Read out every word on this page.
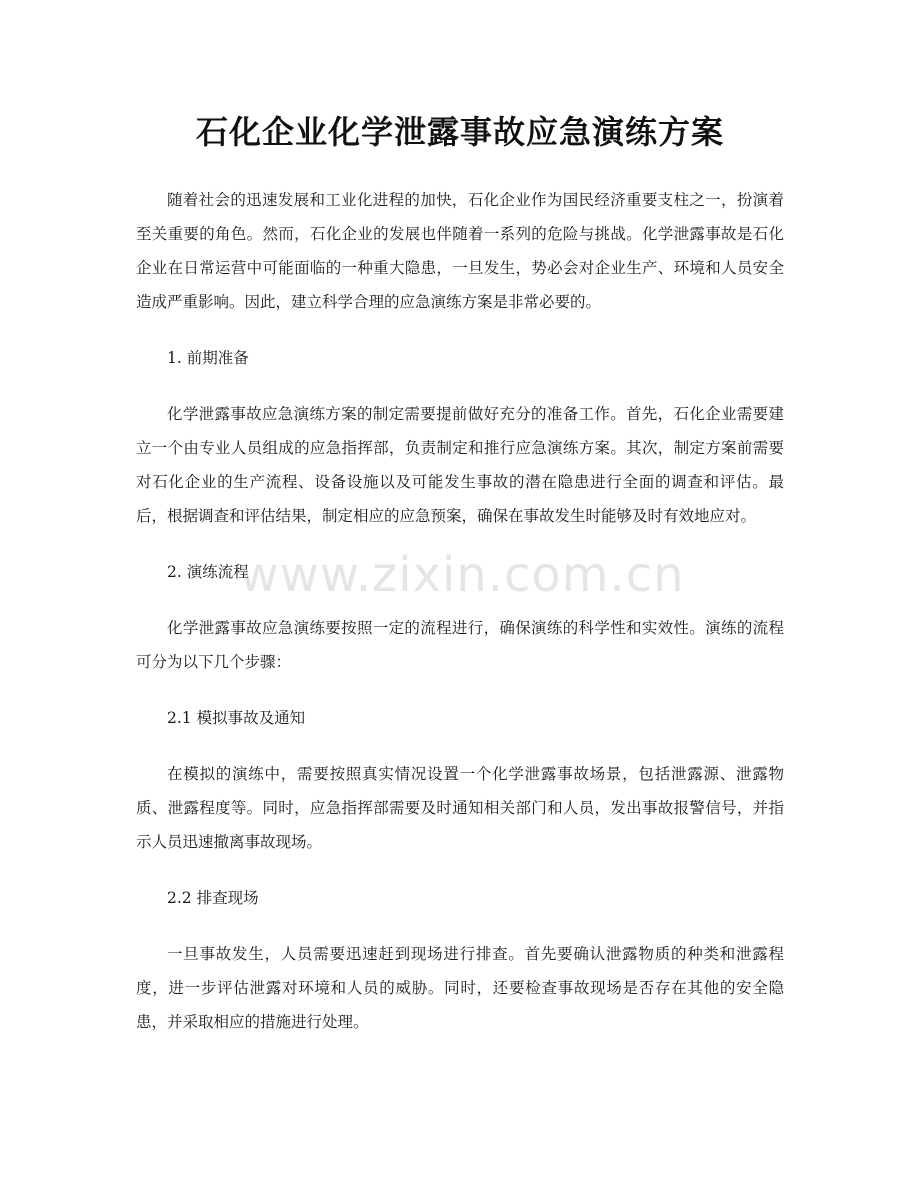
石化企业化学泄露事故应急演练方案

随着社会的迅速发展和工业化进程的加快，石化企业作为国民经济重要支柱之一，扮演着至关重要的角色。然而，石化企业的发展也伴随着一系列的危险与挑战。化学泄露事故是石化企业在日常运营中可能面临的一种重大隐患，一旦发生，势必会对企业生产、环境和人员安全造成严重影响。因此，建立科学合理的应急演练方案是非常必要的。

1. 前期准备

化学泄露事故应急演练方案的制定需要提前做好充分的准备工作。首先，石化企业需要建立一个由专业人员组成的应急指挥部，负责制定和推行应急演练方案。其次，制定方案前需要对石化企业的生产流程、设备设施以及可能发生事故的潜在隐患进行全面的调查和评估。最后，根据调查和评估结果，制定相应的应急预案，确保在事故发生时能够及时有效地应对。

2. 演练流程

化学泄露事故应急演练要按照一定的流程进行，确保演练的科学性和实效性。演练的流程可分为以下几个步骤：

2.1 模拟事故及通知

在模拟的演练中，需要按照真实情况设置一个化学泄露事故场景，包括泄露源、泄露物质、泄露程度等。同时，应急指挥部需要及时通知相关部门和人员，发出事故报警信号，并指示人员迅速撤离事故现场。

2.2 排查现场

一旦事故发生，人员需要迅速赶到现场进行排查。首先要确认泄露物质的种类和泄露程度，进一步评估泄露对环境和人员的威胁。同时，还要检查事故现场是否存在其他的安全隐患，并采取相应的措施进行处理。

www.zixin.com.cn
